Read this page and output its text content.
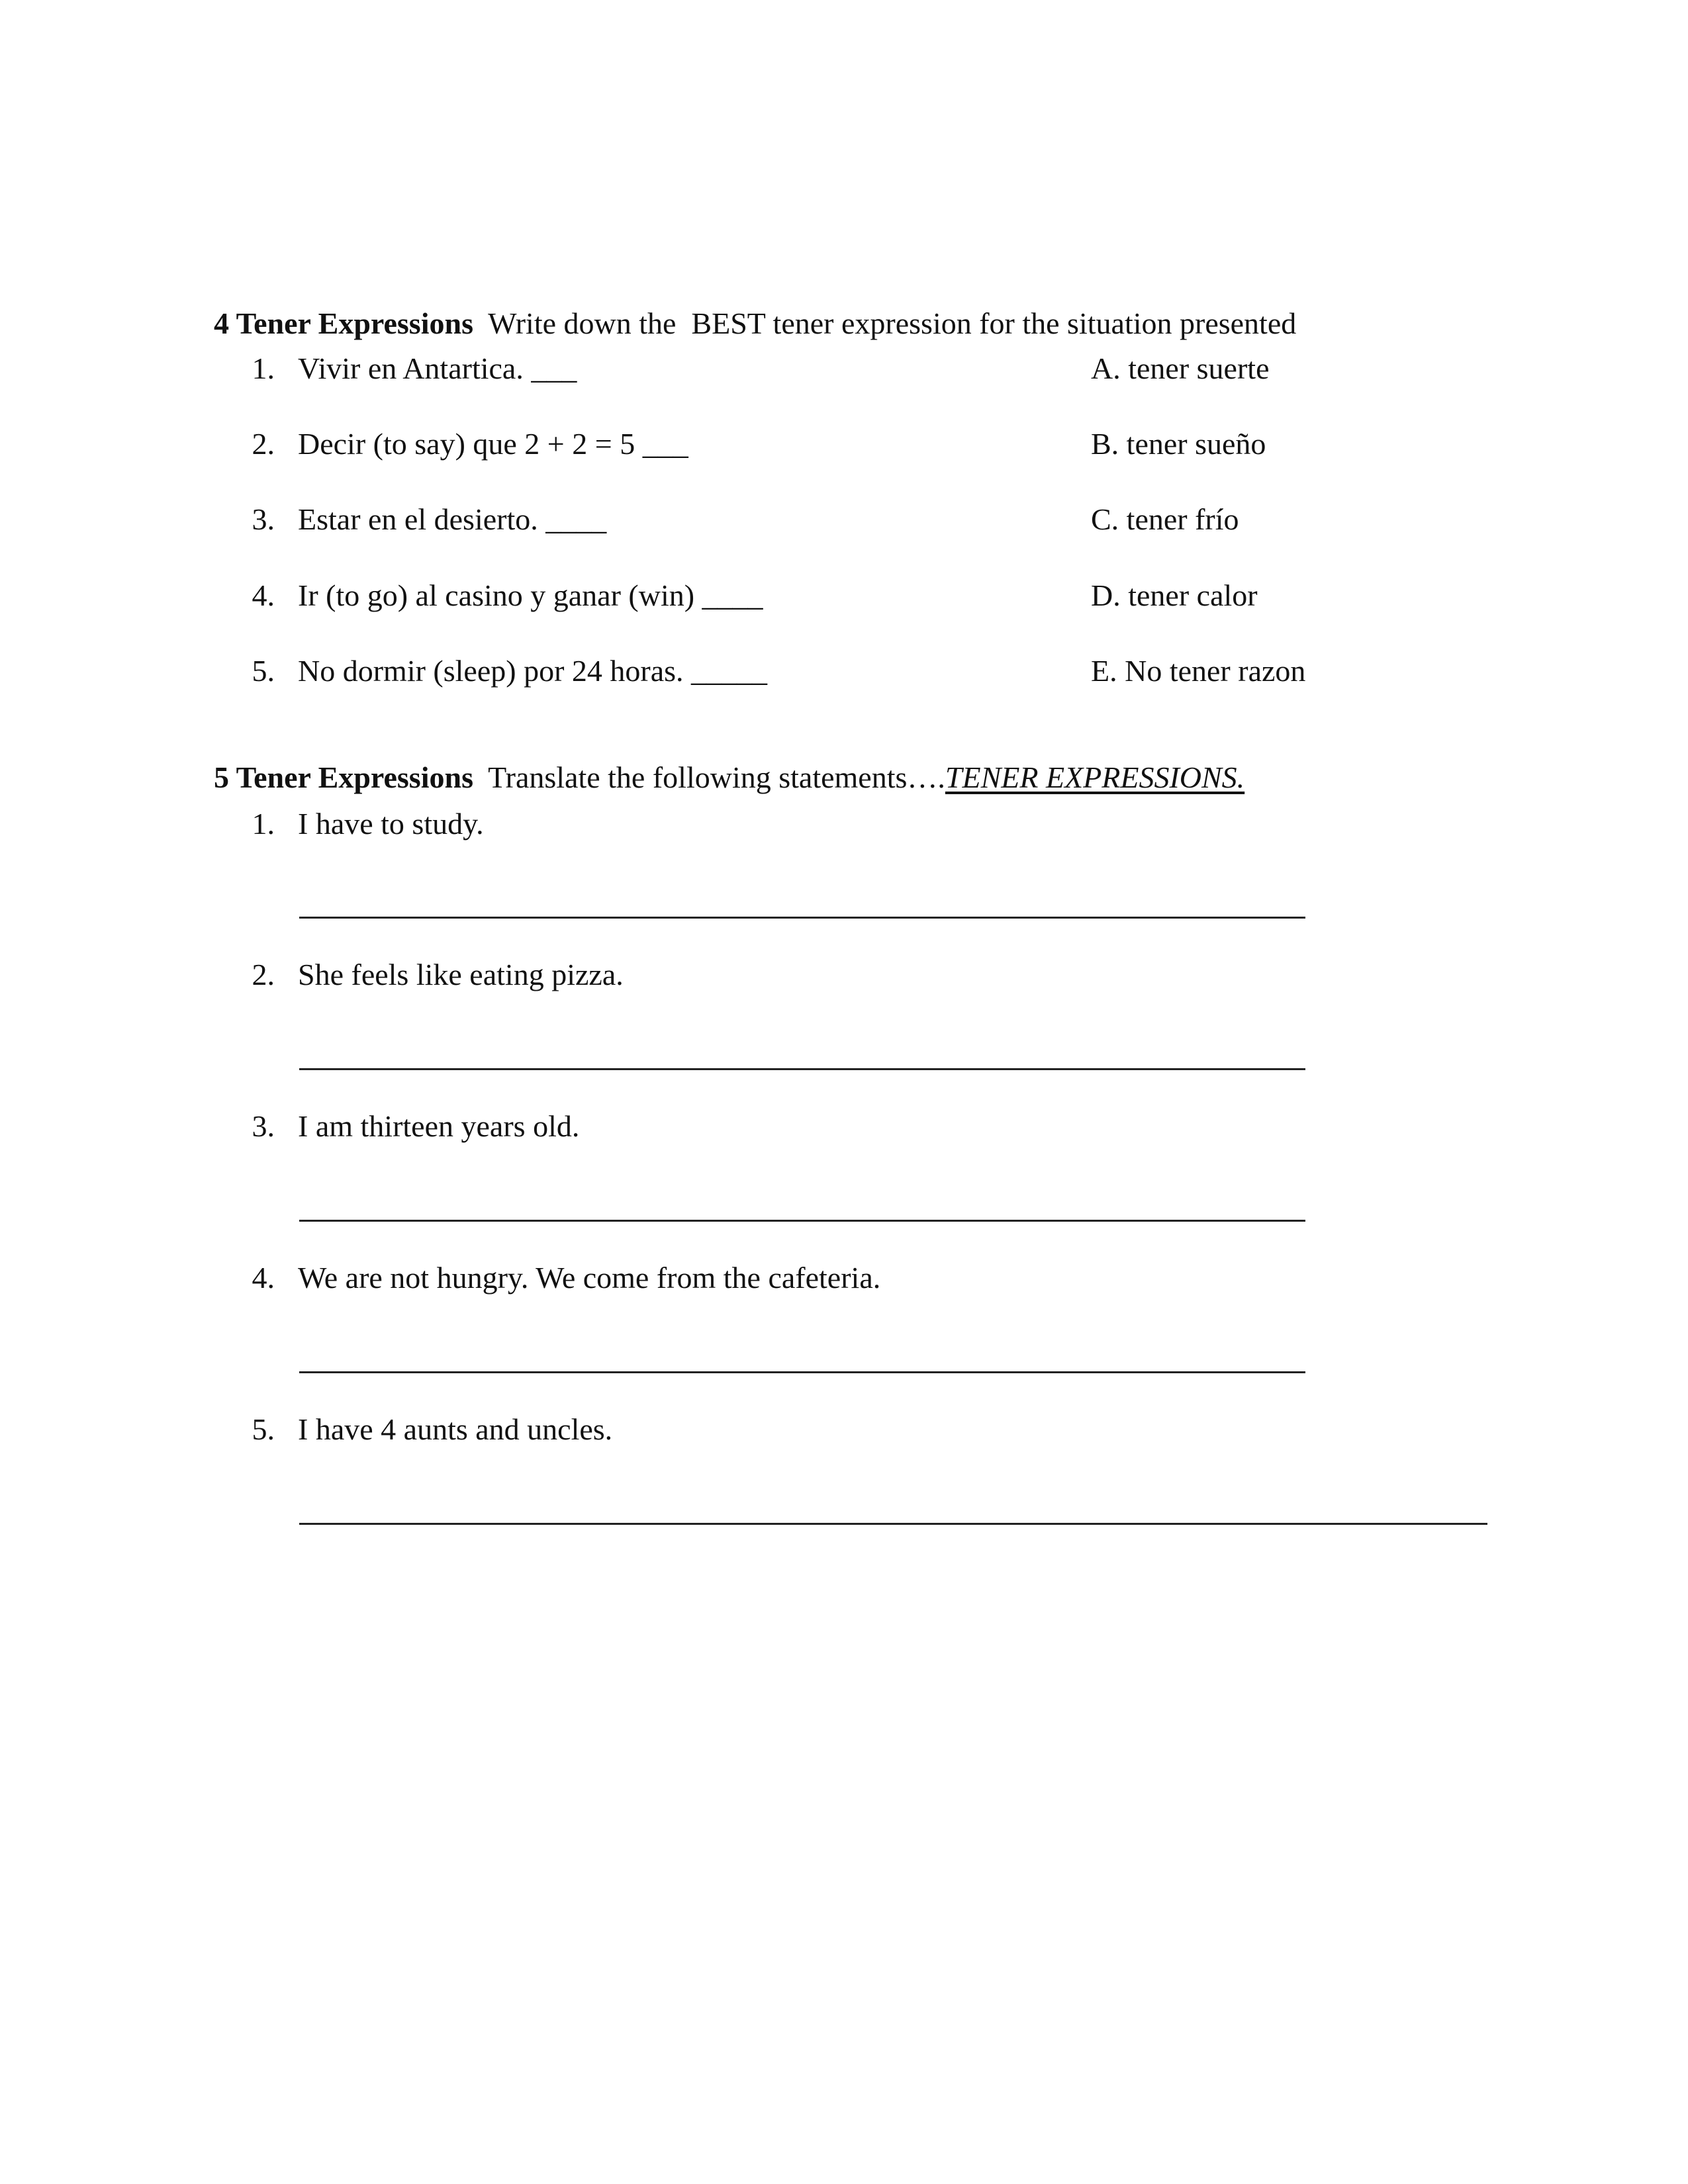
4 Tener Expressions Write down the  BEST tener expression for the situation presented

1. Vivir en Antartica. ___
2. Decir (to say) que 2 + 2 = 5 ___
3. Estar en el desierto. ____
4. Ir (to go) al casino y ganar (win) ____
5. No dormir (sleep) por 24 horas. _____
A. tener suerte
B. tener sueño
C. tener frío
D. tener calor
E. No tener razon

5 Tener Expressions Translate the following statements….TENER EXPRESSIONS.

1. I have to study.
2. She feels like eating pizza.
3. I am thirteen years old.
4. We are not hungry. We come from the cafeteria.
5. I have 4 aunts and uncles.
